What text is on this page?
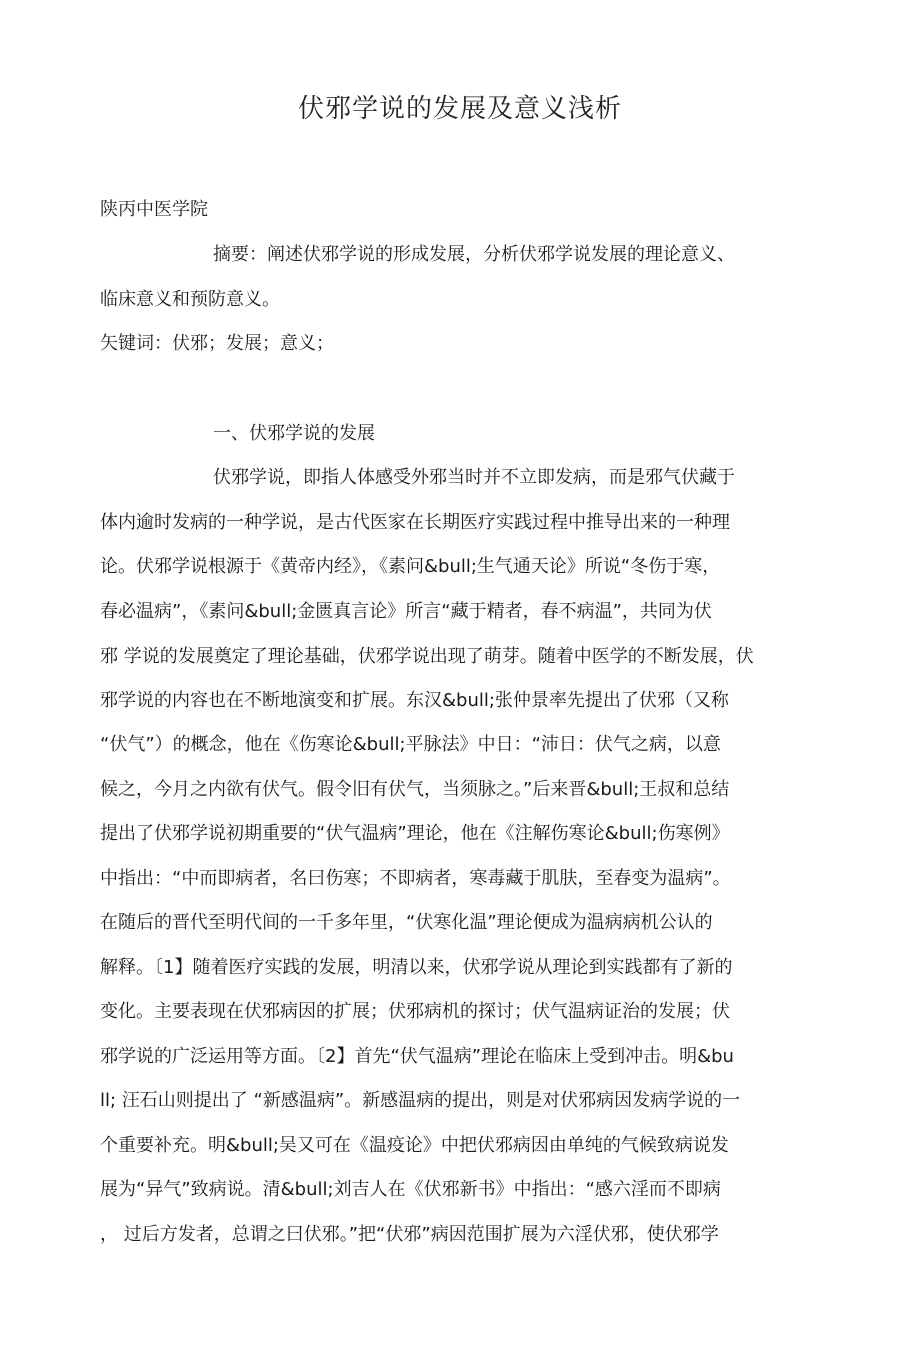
伏邪学说的发展及意义浅析
陕丙中医学院
摘要：阐述伏邪学说的形成发展，分析伏邪学说发展的理论意义、
临床意义和预防意义。
矢键词：伏邪；发展；意义；
一、伏邪学说的发展
伏邪学说，即指人体感受外邪当时并不立即发病，而是邪气伏藏于
体内逾时发病的一种学说，是古代医家在长期医疗实践过程中推导出来的一种理
论。伏邪学说根源于《黄帝内经》，《素问&bull;生气通天论》所说“冬伤于寒，
春必温病”，《素问&bull;金匮真言论》所言“藏于精者，春不病温”，共同为伏
邪 学说的发展奠定了理论基础，伏邪学说出现了萌芽。随着中医学的不断发展，伏
邪学说的内容也在不断地演变和扩展。东汉&bull;张仲景率先提出了伏邪（又称
“伏气”）的概念，他在《伤寒论&bull;平脉法》中日：“沛日：伏气之病，以意
候之，今月之内欲有伏气。假令旧有伏气，当须脉之。”后来晋&bull;王叔和总结
提出了伏邪学说初期重要的“伏气温病”理论，他在《注解伤寒论&bull;伤寒例》
中指出：“中而即病者，名曰伤寒；不即病者，寒毒藏于肌肤，至春变为温病”。
在随后的晋代至明代间的一千多年里，“伏寒化温”理论便成为温病病机公认的
解释。〔1】随着医疗实践的发展，明清以来，伏邪学说从理论到实践都有了新的
变化。主要表现在伏邪病因的扩展；伏邪病机的探讨；伏气温病证治的发展；伏
邪学说的广泛运用等方面。〔2】首先“伏气温病”理论在临床上受到冲击。明&bu
ll; 汪石山则提出了 “新感温病”。新感温病的提出，则是对伏邪病因发病学说的一
个重要补充。明&bull;吴又可在《温疫论》中把伏邪病因由单纯的气候致病说发
展为“异气”致病说。清&bull;刘吉人在《伏邪新书》中指出：“感六淫而不即病
， 过后方发者，总谓之曰伏邪。”把“伏邪”病因范围扩展为六淫伏邪，使伏邪学
